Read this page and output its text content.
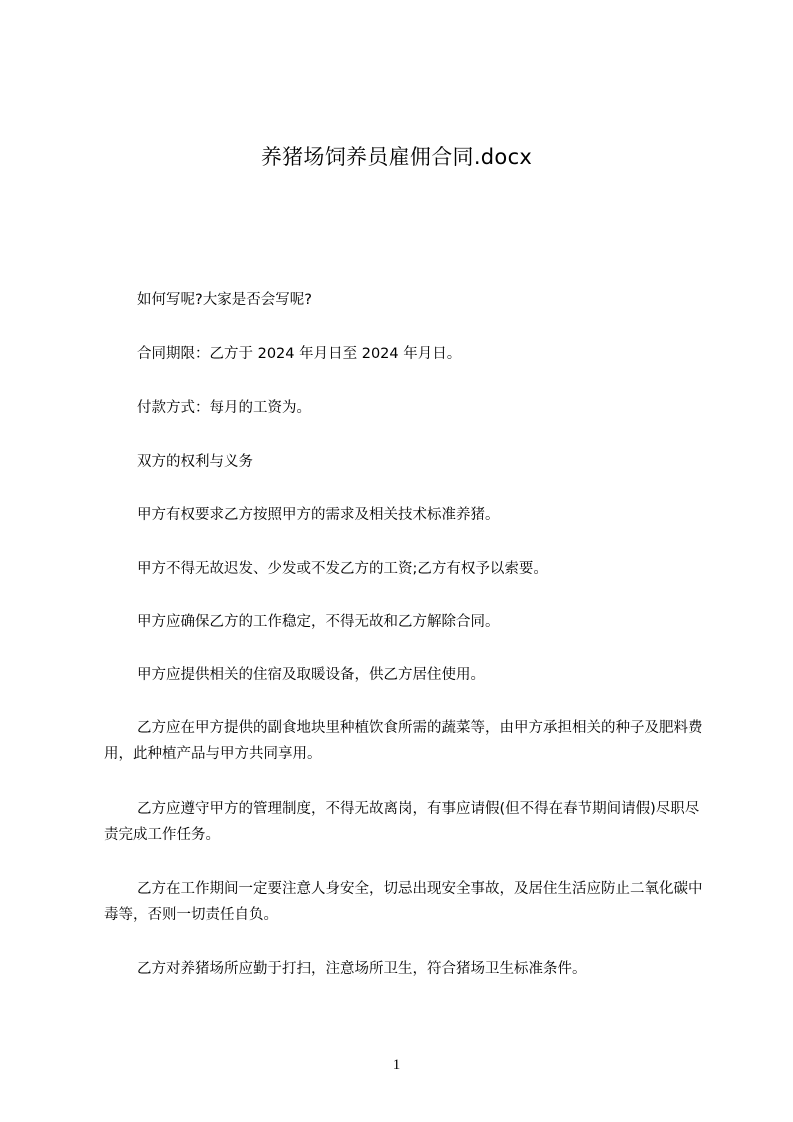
养猪场饲养员雇佣合同.docx
如何写呢?大家是否会写呢?
合同期限：乙方于 2024 年月日至 2024 年月日。
付款方式：每月的工资为。
双方的权利与义务
甲方有权要求乙方按照甲方的需求及相关技术标准养猪。
甲方不得无故迟发、少发或不发乙方的工资;乙方有权予以索要。
甲方应确保乙方的工作稳定，不得无故和乙方解除合同。
甲方应提供相关的住宿及取暖设备，供乙方居住使用。
乙方应在甲方提供的副食地块里种植饮食所需的蔬菜等，由甲方承担相关的种子及肥料费用，此种植产品与甲方共同享用。
乙方应遵守甲方的管理制度，不得无故离岗，有事应请假(但不得在春节期间请假)尽职尽责完成工作任务。
乙方在工作期间一定要注意人身安全，切忌出现安全事故，及居住生活应防止二氧化碳中毒等，否则一切责任自负。
乙方对养猪场所应勤于打扫，注意场所卫生，符合猪场卫生标准条件。
1
